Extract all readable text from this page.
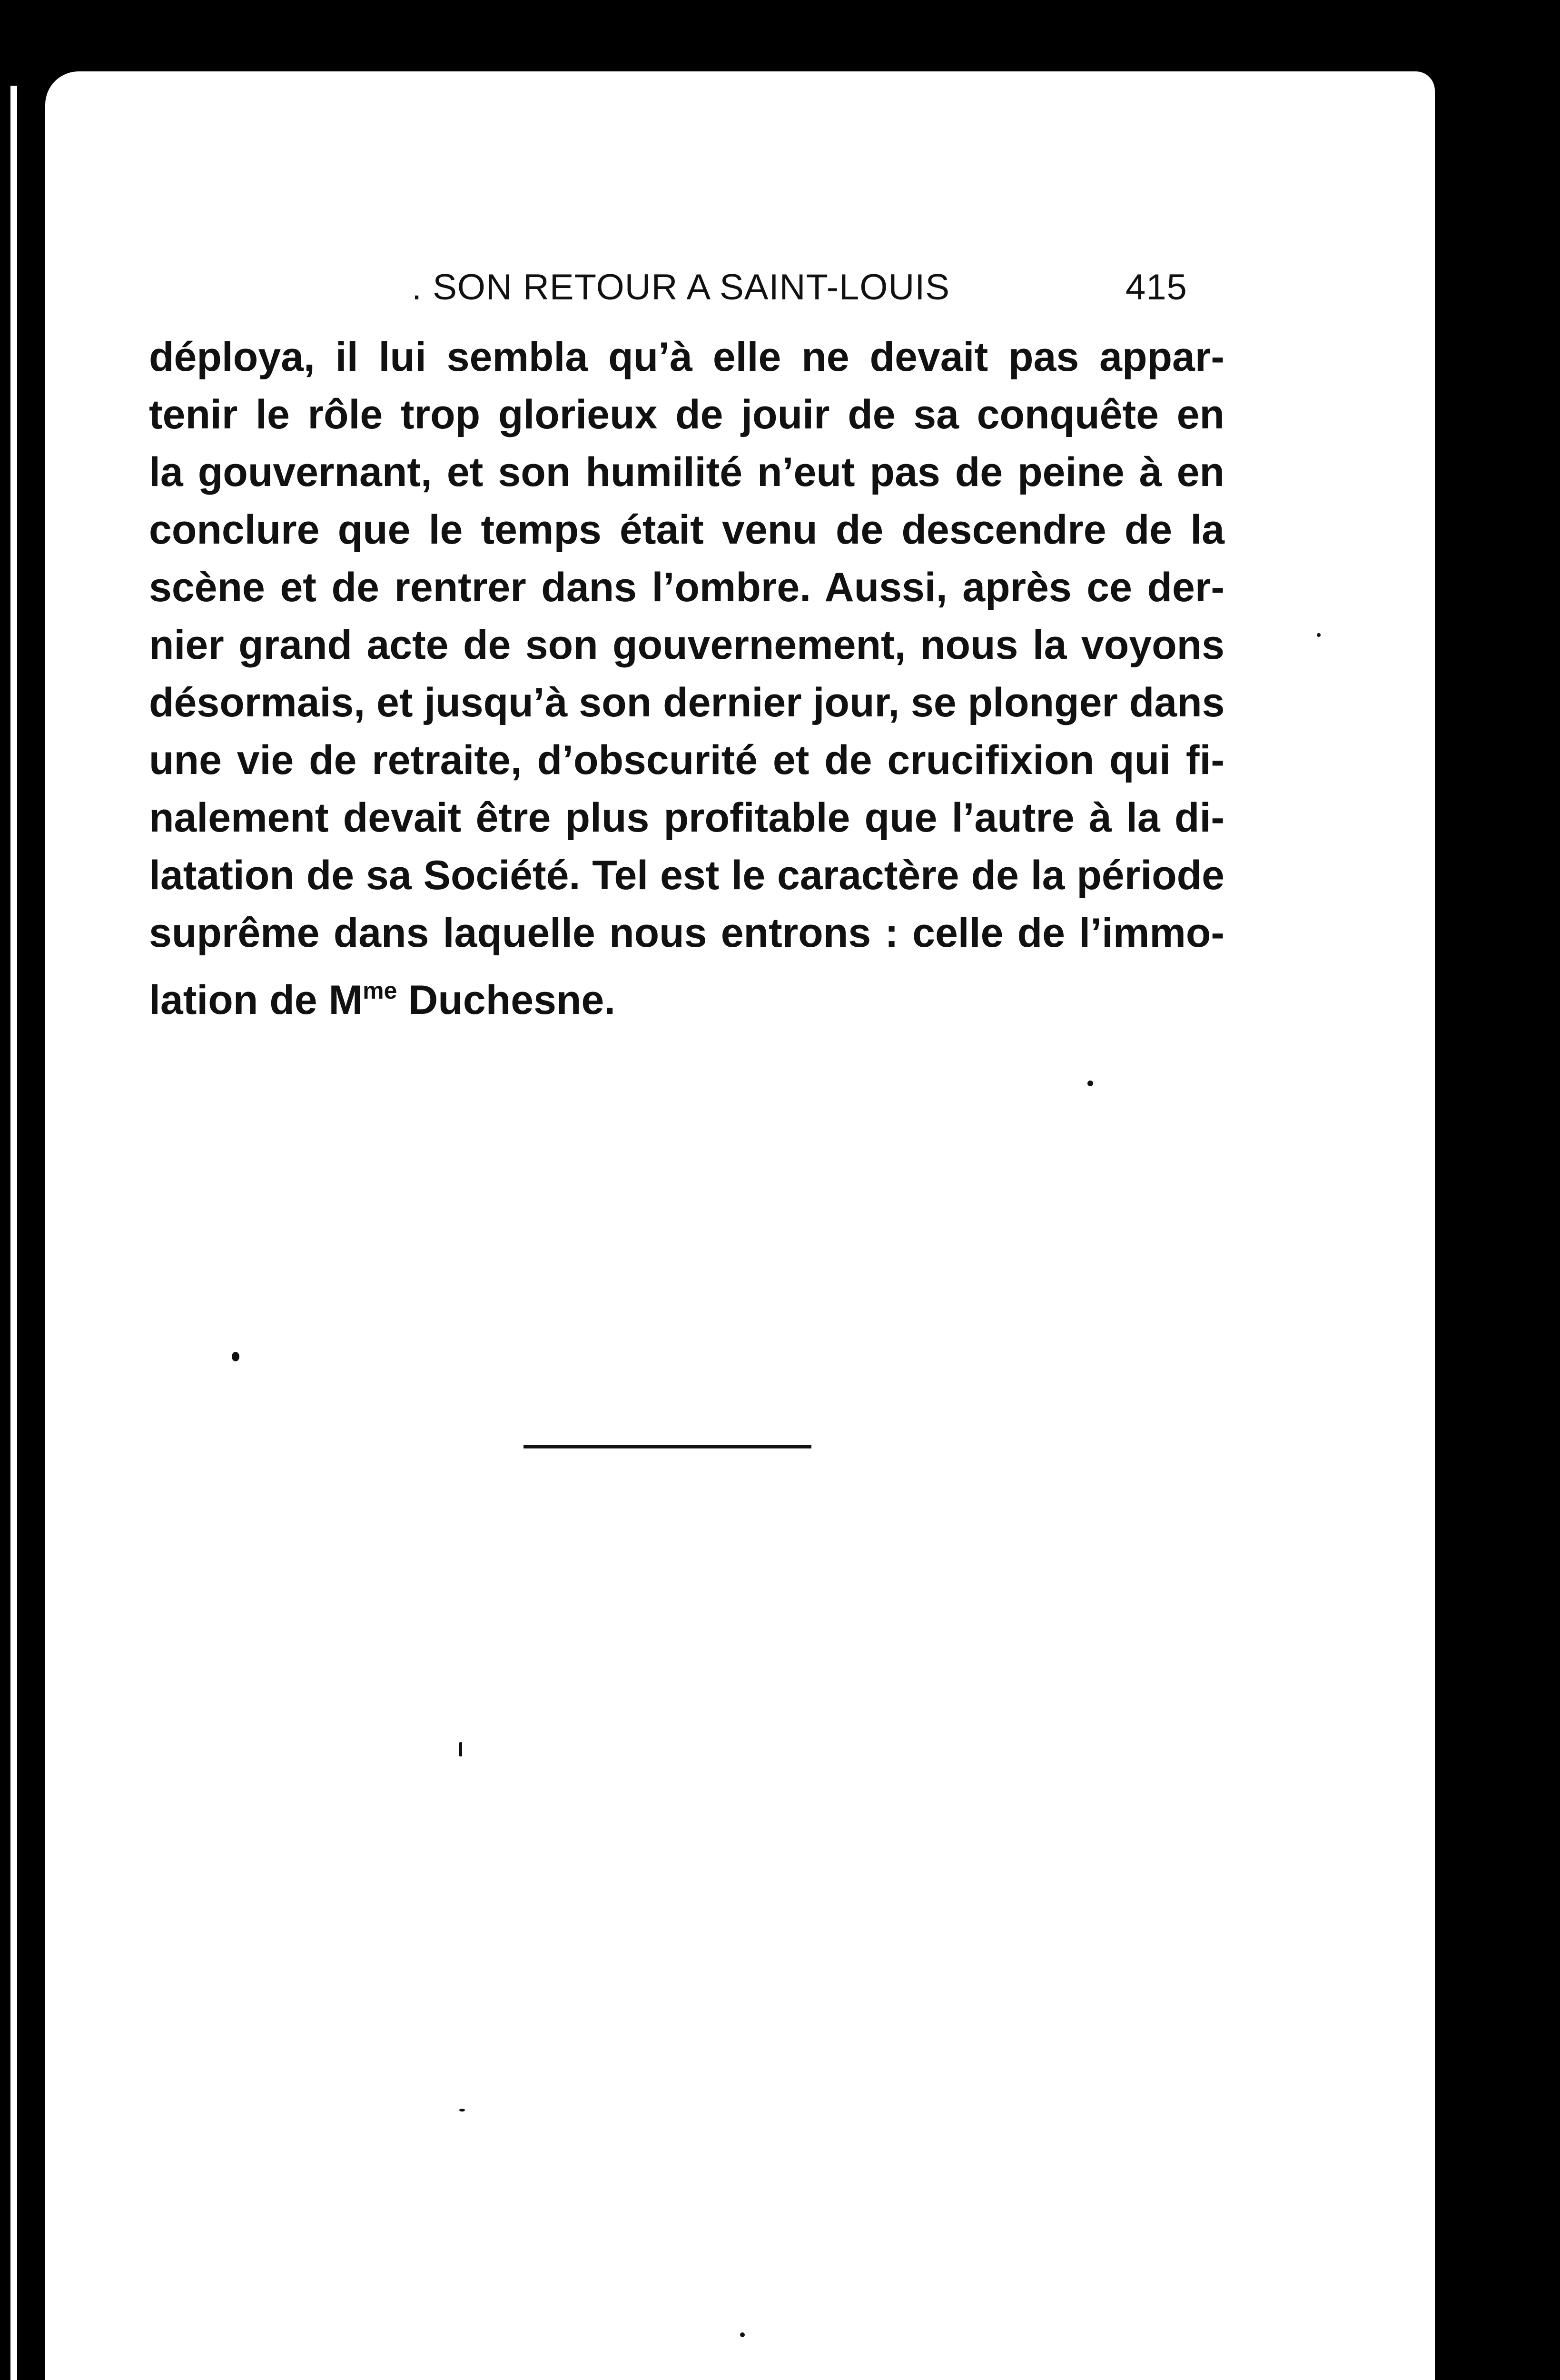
. SON RETOUR A SAINT-LOUIS	415
déploya, il lui sembla qu’à elle ne devait pas appar-
tenir le rôle trop glorieux de jouir de sa conquête en
la gouvernant, et son humilité n’eut pas de peine à en
conclure que le temps était venu de descendre de la
scène et de rentrer dans l’ombre. Aussi, après ce der-
nier grand acte de son gouvernement, nous la voyons
désormais, et jusqu’à son dernier jour, se plonger dans
une vie de retraite, d’obscurité et de crucifixion qui fi-
nalement devait être plus profitable que l’autre à la di-
latation de sa Société. Tel est le caractère de la période
suprême dans laquelle nous entrons : celle de l’immo-
lation de $M^{me}$ Duchesne.
